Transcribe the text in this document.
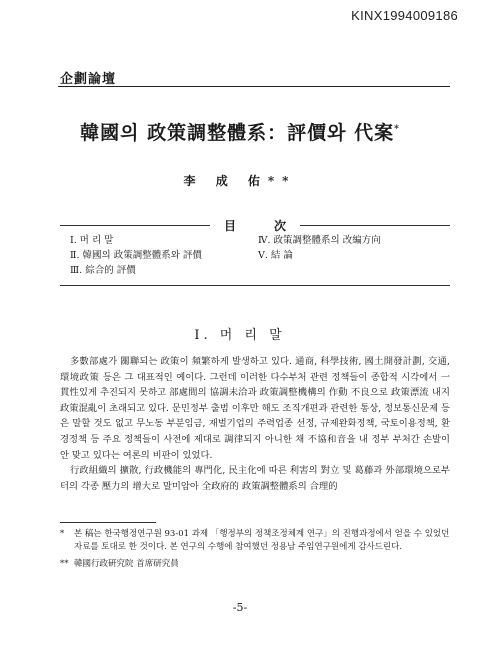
KINX1994009186
企劃論壇
韓國의 政策調整體系：評價와 代案*
李 成 佑**
目次
Ⅰ. 머 리 말
Ⅱ. 韓國의 政策調整體系와 評價
Ⅲ. 綜合的 評價
Ⅳ. 政策調整體系의 改編方向
Ⅴ. 結 論
Ⅰ. 머 리 말

多數部處가 關聯되는 政策이 頻繁하게 발생하고 있다. 通商, 科學技術, 國土開發計劃, 交通, 環境政策 등은 그 대표적인 예이다. 그런데 이러한 다수부처 관련 정책들이 종합적 시각에서 一貫性있게 추진되지 못하고 部處間의 協調未洽과 政策調整機構의 作動 不良으로 政策漂流 내지 政策混亂이 초래되고 있다. 문민정부 출범 이후만 해도 조직개편과 관련한 통상, 정보통신문제 등은 말할 것도 없고 무노동 부분임금, 재벌기업의 주력업종 선정, 규제완화정책, 국토이용정책, 환경정책 등 주요 정책들이 사전에 제대로 調律되지 아니한 채 不協和音을 내 정부 부처간 손발이 안 맞고 있다는 여론의 비판이 있었다.

行政組織의 擴散, 行政機能의 專門化, 民主化에 따른 利害의 對立 및 葛藤과 外部環境으로부터의 각종 壓力의 增大로 말미암아 全政府的 政策調整體系의 合理的

*	본 稿는 한국행정연구원 93-01 과제 「행정부의 정책조정체계 연구」의 진행과정에서 얻을 수 있었던 자료를 토대로 한 것이다. 본 연구의 수행에 참여했던 정용남 주임연구원에게 감사드린다.
** 韓國行政硏究院 首席研究員
-5-
